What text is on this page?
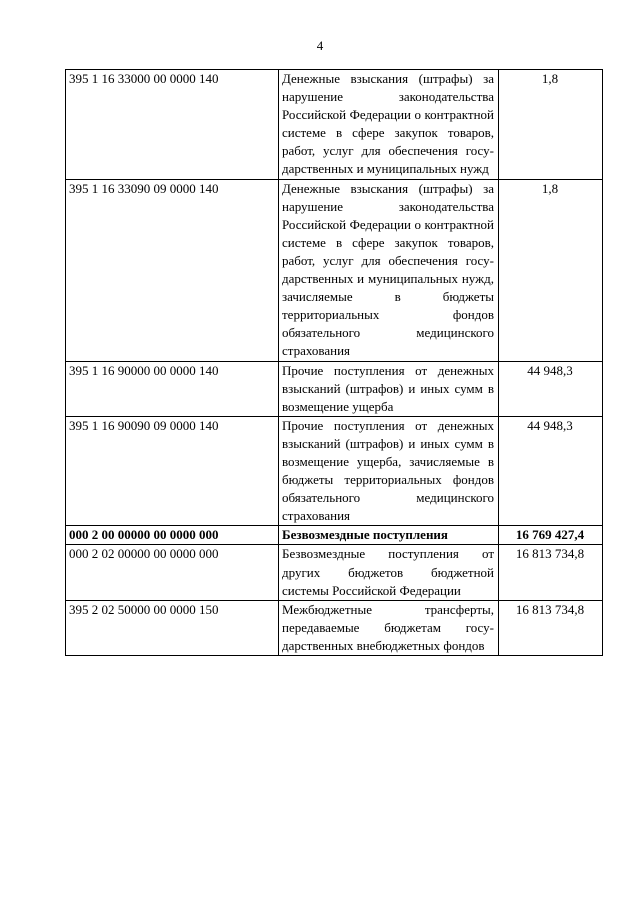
4
395 1 16 33000 00 0000 140	Денежные взыскания (штрафы) за нарушение законодательства Российской Федерации о контрактной системе в сфере закупок товаров, работ, услуг для обеспечения государственных и муниципальных нужд	1,8
395 1 16 33090 09 0000 140	Денежные взыскания (штрафы) за нарушение законодательства Российской Федерации о контрактной системе в сфере закупок товаров, работ, услуг для обеспечения государственных и муниципальных нужд, зачисляемые в бюджеты территориальных фондов обязательного медицинского страхования	1,8
395 1 16 90000 00 0000 140	Прочие поступления от денежных взысканий (штрафов) и иных сумм в возмещение ущерба	44 948,3
395 1 16 90090 09 0000 140	Прочие поступления от денежных взысканий (штрафов) и иных сумм в возмещение ущерба, зачисляемые в бюджеты территориальных фондов обязательного медицинского страхования	44 948,3
000 2 00 00000 00 0000 000	Безвозмездные поступления	16 769 427,4
000 2 02 00000 00 0000 000	Безвозмездные поступления от других бюджетов бюджетной системы Российской Федерации	16 813 734,8
395 2 02 50000 00 0000 150	Межбюджетные трансферты, передаваемые бюджетам государственных внебюджетных фондов	16 813 734,8
